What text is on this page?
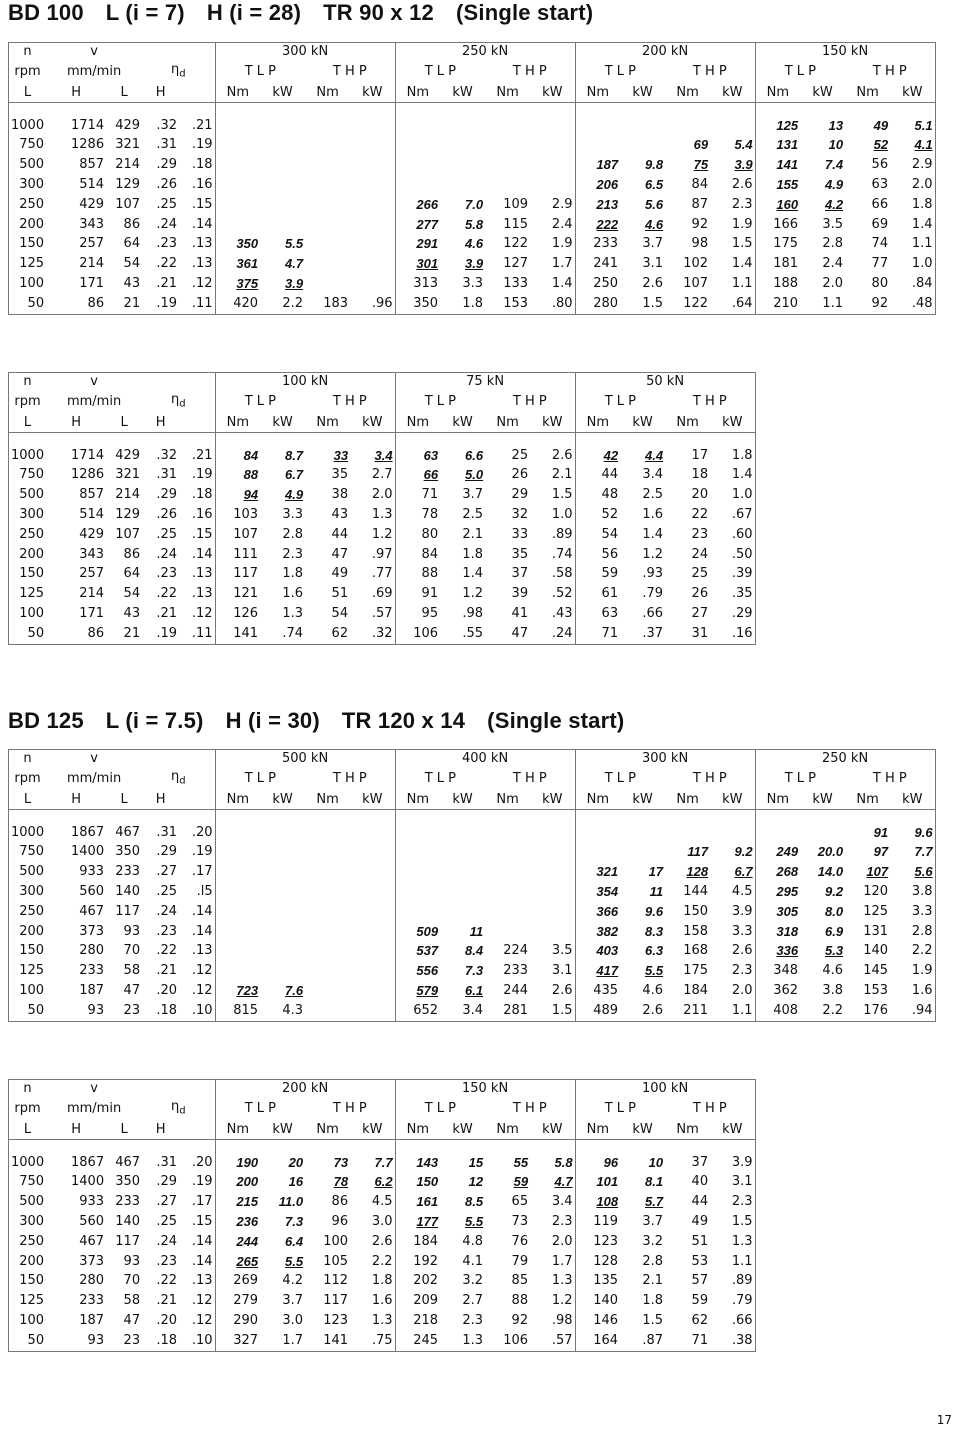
BD 100 L (i = 7) H (i = 28) TR 90 x 12 (Single start)
n	v				300 kN				250 kN				200 kN				150 kN			
rpm	mm/min		$\eta_d$		T L P		T H P		T L P		T H P		T L P		T H P		T L P		T H P	
L	H	L	H		Nm	kW	Nm	kW	Nm	kW	Nm	kW	Nm	kW	Nm	kW	Nm	kW	Nm	kW

1000	1714	429	.32	.21													125	13	49	5.1
750	1286	321	.31	.19											69	5.4	131	10	52	4.1
500	857	214	.29	.18									187	9.8	75	3.9	141	7.4	56	2.9
300	514	129	.26	.16									206	6.5	84	2.6	155	4.9	63	2.0
250	429	107	.25	.15					266	7.0	109	2.9	213	5.6	87	2.3	160	4.2	66	1.8
200	343	86	.24	.14					277	5.8	115	2.4	222	4.6	92	1.9	166	3.5	69	1.4
150	257	64	.23	.13	350	5.5			291	4.6	122	1.9	233	3.7	98	1.5	175	2.8	74	1.1
125	214	54	.22	.13	361	4.7			301	3.9	127	1.7	241	3.1	102	1.4	181	2.4	77	1.0
100	171	43	.21	.12	375	3.9			313	3.3	133	1.4	250	2.6	107	1.1	188	2.0	80	.84
50	86	21	.19	.11	420	2.2	183	.96	350	1.8	153	.80	280	1.5	122	.64	210	1.1	92	.48
n	v				100 kN				75 kN				50 kN			
rpm	mm/min		$\eta_d$		T L P		T H P		T L P		T H P		T L P		T H P	
L	H	L	H		Nm	kW	Nm	kW	Nm	kW	Nm	kW	Nm	kW	Nm	kW

1000	1714	429	.32	.21	84	8.7	33	3.4	63	6.6	25	2.6	42	4.4	17	1.8
750	1286	321	.31	.19	88	6.7	35	2.7	66	5.0	26	2.1	44	3.4	18	1.4
500	857	214	.29	.18	94	4.9	38	2.0	71	3.7	29	1.5	48	2.5	20	1.0
300	514	129	.26	.16	103	3.3	43	1.3	78	2.5	32	1.0	52	1.6	22	.67
250	429	107	.25	.15	107	2.8	44	1.2	80	2.1	33	.89	54	1.4	23	.60
200	343	86	.24	.14	111	2.3	47	.97	84	1.8	35	.74	56	1.2	24	.50
150	257	64	.23	.13	117	1.8	49	.77	88	1.4	37	.58	59	.93	25	.39
125	214	54	.22	.13	121	1.6	51	.69	91	1.2	39	.52	61	.79	26	.35
100	171	43	.21	.12	126	1.3	54	.57	95	.98	41	.43	63	.66	27	.29
50	86	21	.19	.11	141	.74	62	.32	106	.55	47	.24	71	.37	31	.16
BD 125 L (i = 7.5) H (i = 30) TR 120 x 14 (Single start)
n	v				500 kN				400 kN				300 kN				250 kN			
rpm	mm/min		$\eta_d$		T L P		T H P		T L P		T H P		T L P		T H P		T L P		T H P	
L	H	L	H		Nm	kW	Nm	kW	Nm	kW	Nm	kW	Nm	kW	Nm	kW	Nm	kW	Nm	kW

1000	1867	467	.31	.20															91	9.6
750	1400	350	.29	.19											117	9.2	249	20.0	97	7.7
500	933	233	.27	.17									321	17	128	6.7	268	14.0	107	5.6
300	560	140	.25	.l5									354	11	144	4.5	295	9.2	120	3.8
250	467	117	.24	.14									366	9.6	150	3.9	305	8.0	125	3.3
200	373	93	.23	.14					509	11			382	8.3	158	3.3	318	6.9	131	2.8
150	280	70	.22	.13					537	8.4	224	3.5	403	6.3	168	2.6	336	5.3	140	2.2
125	233	58	.21	.12					556	7.3	233	3.1	417	5.5	175	2.3	348	4.6	145	1.9
100	187	47	.20	.12	723	7.6			579	6.1	244	2.6	435	4.6	184	2.0	362	3.8	153	1.6
50	93	23	.18	.10	815	4.3			652	3.4	281	1.5	489	2.6	211	1.1	408	2.2	176	.94
n	v				200 kN				150 kN				100 kN			
rpm	mm/min		$\eta_d$		T L P		T H P		T L P		T H P		T L P		T H P	
L	H	L	H		Nm	kW	Nm	kW	Nm	kW	Nm	kW	Nm	kW	Nm	kW

1000	1867	467	.31	.20	190	20	73	7.7	143	15	55	5.8	96	10	37	3.9
750	1400	350	.29	.19	200	16	78	6.2	150	12	59	4.7	101	8.1	40	3.1
500	933	233	.27	.17	215	11.0	86	4.5	161	8.5	65	3.4	108	5.7	44	2.3
300	560	140	.25	.15	236	7.3	96	3.0	177	5.5	73	2.3	119	3.7	49	1.5
250	467	117	.24	.14	244	6.4	100	2.6	184	4.8	76	2.0	123	3.2	51	1.3
200	373	93	.23	.14	265	5.5	105	2.2	192	4.1	79	1.7	128	2.8	53	1.1
150	280	70	.22	.13	269	4.2	112	1.8	202	3.2	85	1.3	135	2.1	57	.89
125	233	58	.21	.12	279	3.7	117	1.6	209	2.7	88	1.2	140	1.8	59	.79
100	187	47	.20	.12	290	3.0	123	1.3	218	2.3	92	.98	146	1.5	62	.66
50	93	23	.18	.10	327	1.7	141	.75	245	1.3	106	.57	164	.87	71	.38
17
